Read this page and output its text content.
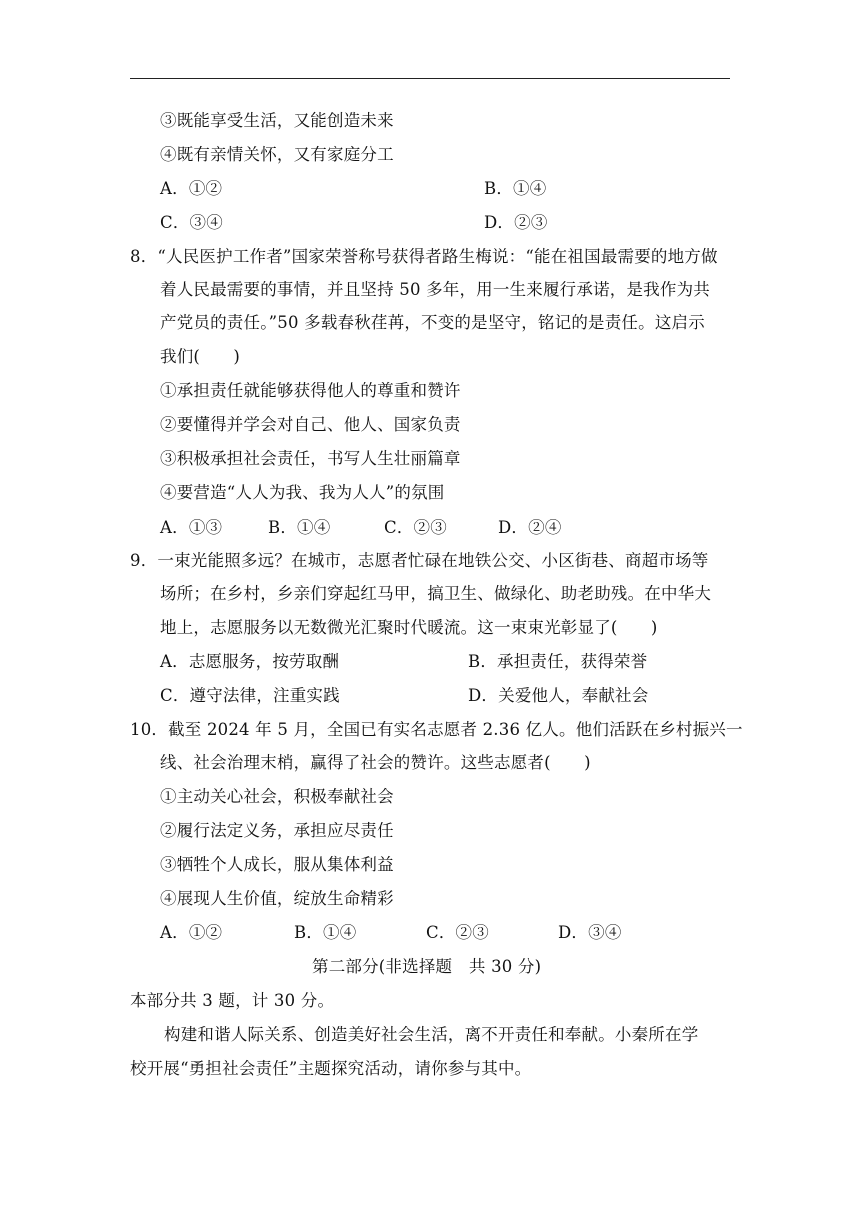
③既能享受生活，又能创造未来
④既有亲情关怀，又有家庭分工
A．①②	B．①④
C．③④	D．②③
8．“人民医护工作者”国家荣誉称号获得者路生梅说：“能在祖国最需要的地方做
着人民最需要的事情，并且坚持 50 多年，用一生来履行承诺，是我作为共
产党员的责任。”50 多载春秋荏苒，不变的是坚守，铭记的是责任。这启示
我们(　　)
①承担责任就能够获得他人的尊重和赞许
②要懂得并学会对自己、他人、国家负责
③积极承担社会责任，书写人生壮丽篇章
④要营造“人人为我、我为人人”的氛围
A．①③	B．①④	C．②③	D．②④
9．一束光能照多远？在城市，志愿者忙碌在地铁公交、小区街巷、商超市场等
场所；在乡村，乡亲们穿起红马甲，搞卫生、做绿化、助老助残。在中华大
地上，志愿服务以无数微光汇聚时代暖流。这一束束光彰显了(　　)
A．志愿服务，按劳取酬	B．承担责任，获得荣誉
C．遵守法律，注重实践	D．关爱他人，奉献社会
10．截至 2024 年 5 月，全国已有实名志愿者 2.36 亿人。他们活跃在乡村振兴一
线、社会治理末梢，赢得了社会的赞许。这些志愿者(　　)
①主动关心社会，积极奉献社会
②履行法定义务，承担应尽责任
③牺牲个人成长，服从集体利益
④展现人生价值，绽放生命精彩
A．①②	B．①④	C．②③	D．③④
第二部分(非选择题　共 30 分)
本部分共 3 题，计 30 分。
构建和谐人际关系、创造美好社会生活，离不开责任和奉献。小秦所在学
校开展“勇担社会责任”主题探究活动，请你参与其中。
